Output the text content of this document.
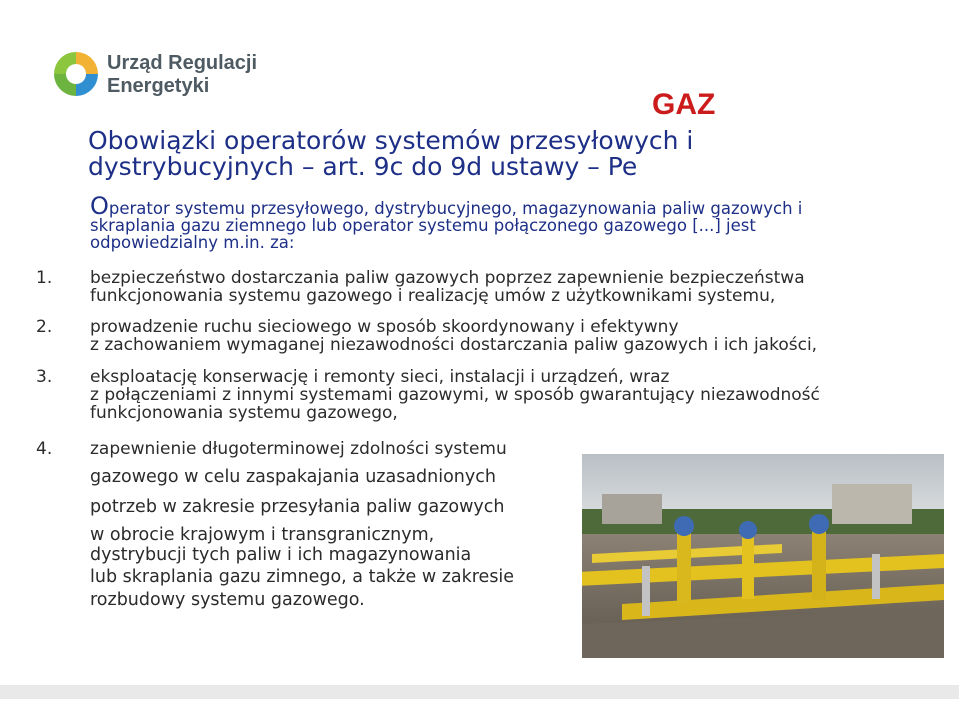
Urząd Regulacji
Energetyki
GAZ
Obowiązki operatorów systemów przesyłowych i
dystrybucyjnych – art. 9c do 9d ustawy – Pe
Operator systemu przesyłowego, dystrybucyjnego, magazynowania paliw gazowych i
skraplania gazu ziemnego lub operator systemu połączonego gazowego [...] jest
odpowiedzialny m.in. za:
1. bezpieczeństwo dostarczania paliw gazowych poprzez zapewnienie bezpieczeństwa
funkcjonowania systemu gazowego i realizację umów z użytkownikami systemu,
2. prowadzenie ruchu sieciowego w sposób skoordynowany i efektywny
z zachowaniem wymaganej niezawodności dostarczania paliw gazowych i ich jakości,
3. eksploatację konserwację i remonty sieci, instalacji i urządzeń, wraz
z połączeniami z innymi systemami gazowymi, w sposób gwarantujący niezawodność
funkcjonowania systemu gazowego,
4. zapewnienie długoterminowej zdolności systemu
gazowego w celu zaspakajania uzasadnionych
potrzeb w zakresie przesyłania paliw gazowych
w obrocie krajowym i transgranicznym,
dystrybucji tych paliw i ich magazynowania
lub skraplania gazu zimnego, a także w zakresie
rozbudowy systemu gazowego.
